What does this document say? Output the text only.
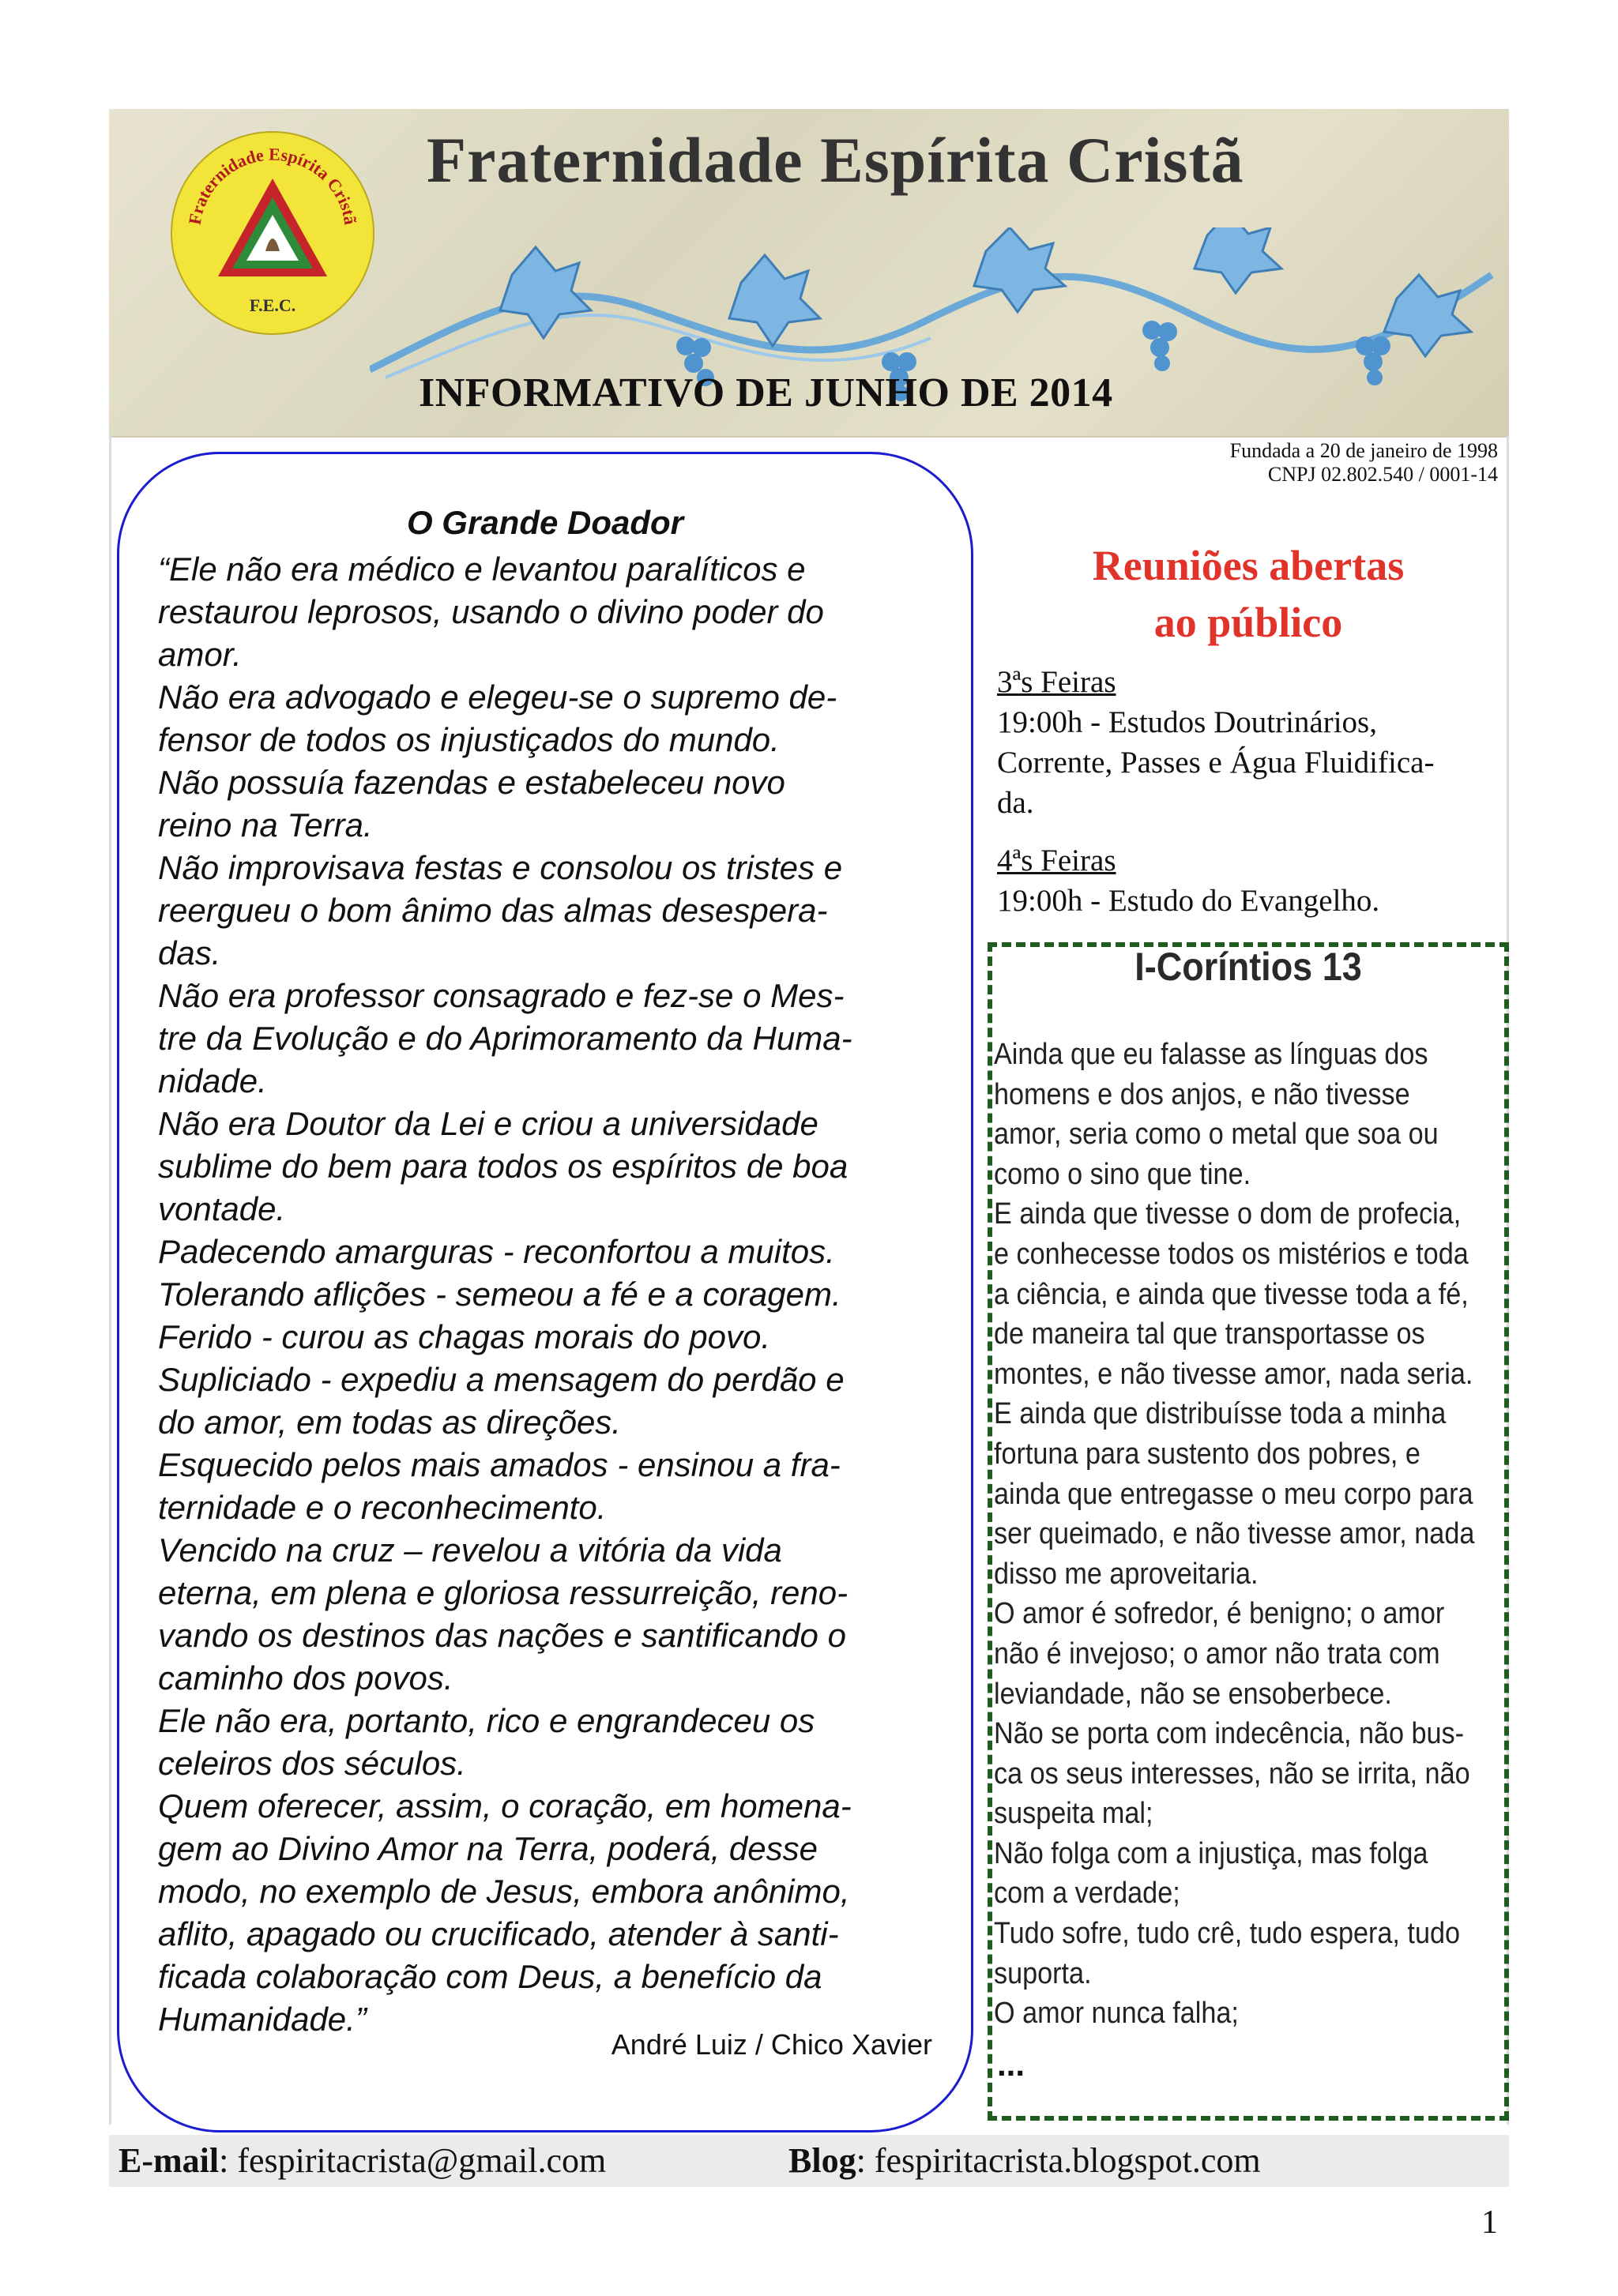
Fraternidade Espírita Cristã
F.E.C.
Fraternidade Espírita Cristã
INFORMATIVO DE JUNHO DE 2014
Fundada a 20 de janeiro de 1998
CNPJ 02.802.540 / 0001-14
O Grande Doador
“Ele não era médico e levantou paralíticos e
restaurou leprosos, usando o divino poder do
amor.
Não era advogado e elegeu-se o supremo de-
fensor de todos os injustiçados do mundo.
Não possuía fazendas e estabeleceu novo
reino na Terra.
Não improvisava festas e consolou os tristes e
reergueu o bom ânimo das almas desespera-
das.
Não era professor consagrado e fez-se o Mes-
tre da Evolução e do Aprimoramento da Huma-
nidade.
Não era Doutor da Lei e criou a universidade
sublime do bem para todos os espíritos de boa
vontade.
Padecendo amarguras - reconfortou a muitos.
Tolerando aflições - semeou a fé e a coragem.
Ferido - curou as chagas morais do povo.
Supliciado - expediu a mensagem do perdão e
do amor, em todas as direções.
Esquecido pelos mais amados - ensinou a fra-
ternidade e o reconhecimento.
Vencido na cruz – revelou a vitória da vida
eterna, em plena e gloriosa ressurreição, reno-
vando os destinos das nações e santificando o
caminho dos povos.
Ele não era, portanto, rico e engrandeceu os
celeiros dos séculos.
Quem oferecer, assim, o coração, em homena-
gem ao Divino Amor na Terra, poderá, desse
modo, no exemplo de Jesus, embora anônimo,
aflito, apagado ou crucificado, atender à santi-
ficada colaboração com Deus, a benefício da
Humanidade.”
André Luiz / Chico Xavier
Reuniões abertas
ao público
3ªs Feiras
19:00h - Estudos Doutrinários,
Corrente, Passes e Água Fluidifica-
da.
4ªs Feiras
19:00h - Estudo do Evangelho.
I-Coríntios 13
Ainda que eu falasse as línguas dos
homens e dos anjos, e não tivesse
amor, seria como o metal que soa ou
como o sino que tine.
E ainda que tivesse o dom de profecia,
e conhecesse todos os mistérios e toda
a ciência, e ainda que tivesse toda a fé,
de maneira tal que transportasse os
montes, e não tivesse amor, nada seria.
E ainda que distribuísse toda a minha
fortuna para sustento dos pobres, e
ainda que entregasse o meu corpo para
ser queimado, e não tivesse amor, nada
disso me aproveitaria.
O amor é sofredor, é benigno; o amor
não é invejoso; o amor não trata com
leviandade, não se ensoberbece.
Não se porta com indecência, não bus-
ca os seus interesses, não se irrita, não
suspeita mal;
Não folga com a injustiça, mas folga
com a verdade;
Tudo sofre, tudo crê, tudo espera, tudo
suporta.
O amor nunca falha;
...
E-mail: fespiritacrista@gmail.com	Blog: fespiritacrista.blogspot.com
1
